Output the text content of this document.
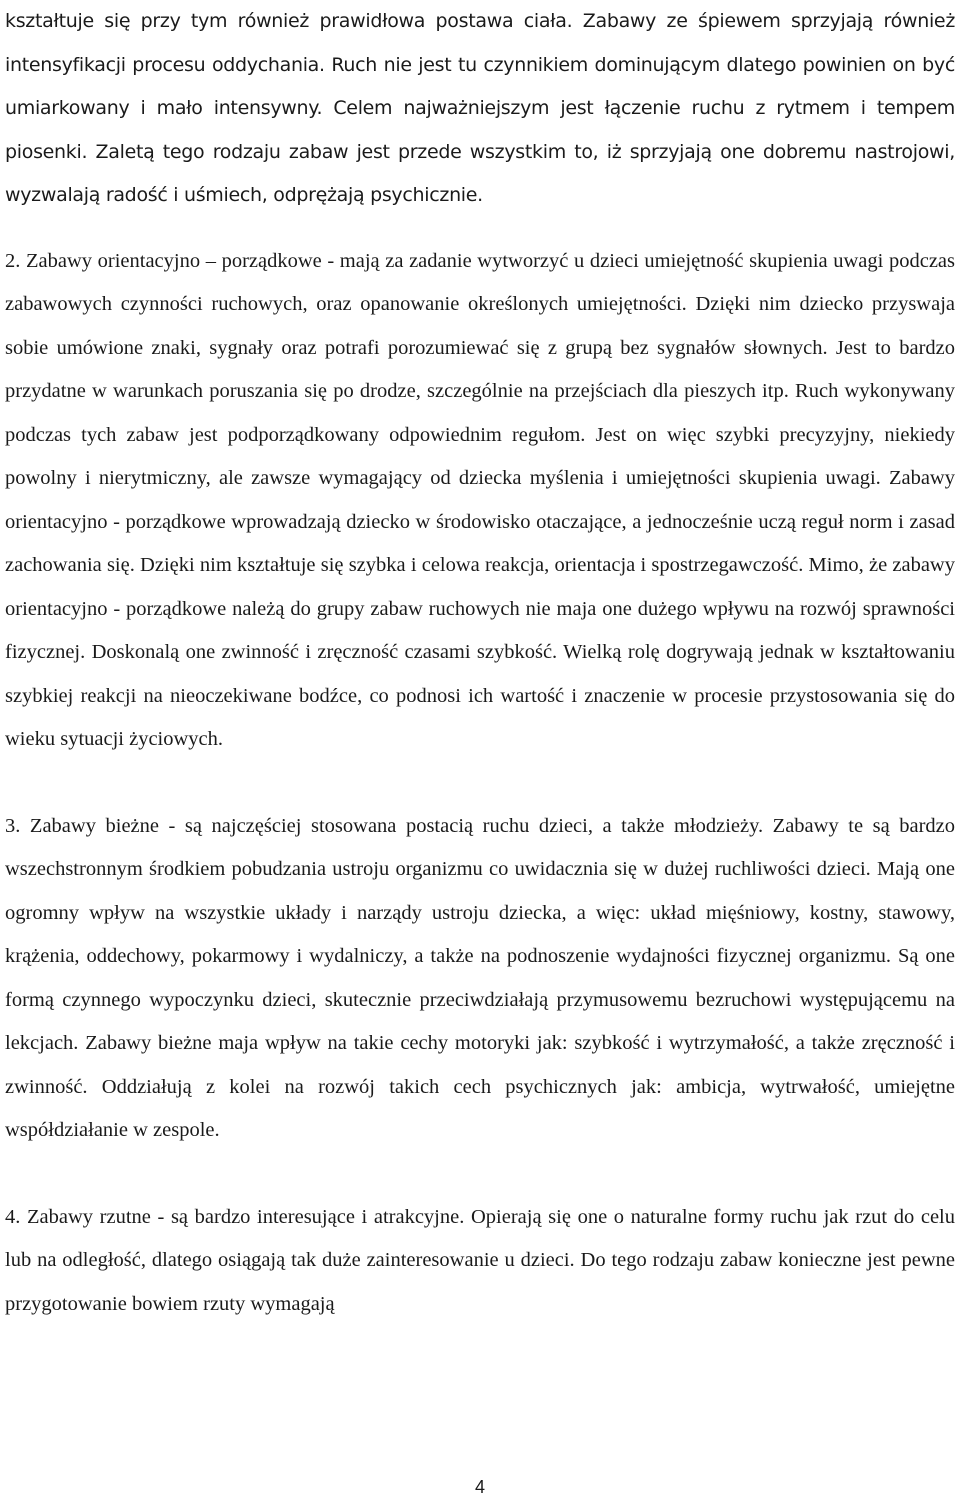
kształtuje się przy tym również prawidłowa postawa ciała. Zabawy ze śpiewem sprzyjają również intensyfikacji procesu oddychania. Ruch nie jest tu czynnikiem dominującym dlatego powinien on być umiarkowany i mało intensywny. Celem najważniejszym jest łączenie ruchu z rytmem i tempem piosenki. Zaletą tego rodzaju zabaw jest przede wszystkim to, iż sprzyjają one dobremu nastrojowi, wyzwalają radość i uśmiech, odprężają psychicznie.

2. Zabawy orientacyjno – porządkowe - mają za zadanie wytworzyć u dzieci umiejętność skupienia uwagi podczas zabawowych czynności ruchowych, oraz opanowanie określonych umiejętności. Dzięki nim dziecko przyswaja sobie umówione znaki, sygnały oraz potrafi porozumiewać się z grupą bez sygnałów słownych. Jest to bardzo przydatne w warunkach poruszania się po drodze, szczególnie na przejściach dla pieszych itp. Ruch wykonywany podczas tych zabaw jest podporządkowany odpowiednim regułom. Jest on więc szybki precyzyjny, niekiedy powolny i nierytmiczny, ale zawsze wymagający od dziecka myślenia i umiejętności skupienia uwagi. Zabawy orientacyjno - porządkowe wprowadzają dziecko w środowisko otaczające, a jednocześnie uczą reguł norm i zasad zachowania się. Dzięki nim kształtuje się szybka i celowa reakcja, orientacja i spostrzegawczość. Mimo, że zabawy orientacyjno - porządkowe należą do grupy zabaw ruchowych nie maja one dużego wpływu na rozwój sprawności fizycznej. Doskonalą one zwinność i zręczność czasami szybkość. Wielką rolę dogrywają jednak w kształtowaniu szybkiej reakcji na nieoczekiwane bodźce, co podnosi ich wartość i znaczenie w procesie przystosowania się do wieku sytuacji życiowych.

3. Zabawy bieżne - są najczęściej stosowana postacią ruchu dzieci, a także młodzieży. Zabawy te są bardzo wszechstronnym środkiem pobudzania ustroju organizmu co uwidacznia się w dużej ruchliwości dzieci. Mają one ogromny wpływ na wszystkie układy i narządy ustroju dziecka, a więc: układ mięśniowy, kostny, stawowy, krążenia, oddechowy, pokarmowy i wydalniczy, a także na podnoszenie wydajności fizycznej organizmu. Są one formą czynnego wypoczynku dzieci, skutecznie przeciwdziałają przymusowemu bezruchowi występującemu na lekcjach. Zabawy bieżne maja wpływ na takie cechy motoryki jak: szybkość i wytrzymałość, a także zręczność i zwinność. Oddziałują z kolei na rozwój takich cech psychicznych jak: ambicja, wytrwałość, umiejętne współdziałanie w zespole.

4. Zabawy rzutne - są bardzo interesujące i atrakcyjne. Opierają się one o naturalne formy ruchu jak rzut do celu lub na odległość, dlatego osiągają tak duże zainteresowanie u dzieci. Do tego rodzaju zabaw konieczne jest pewne przygotowanie bowiem rzuty wymagają

4
